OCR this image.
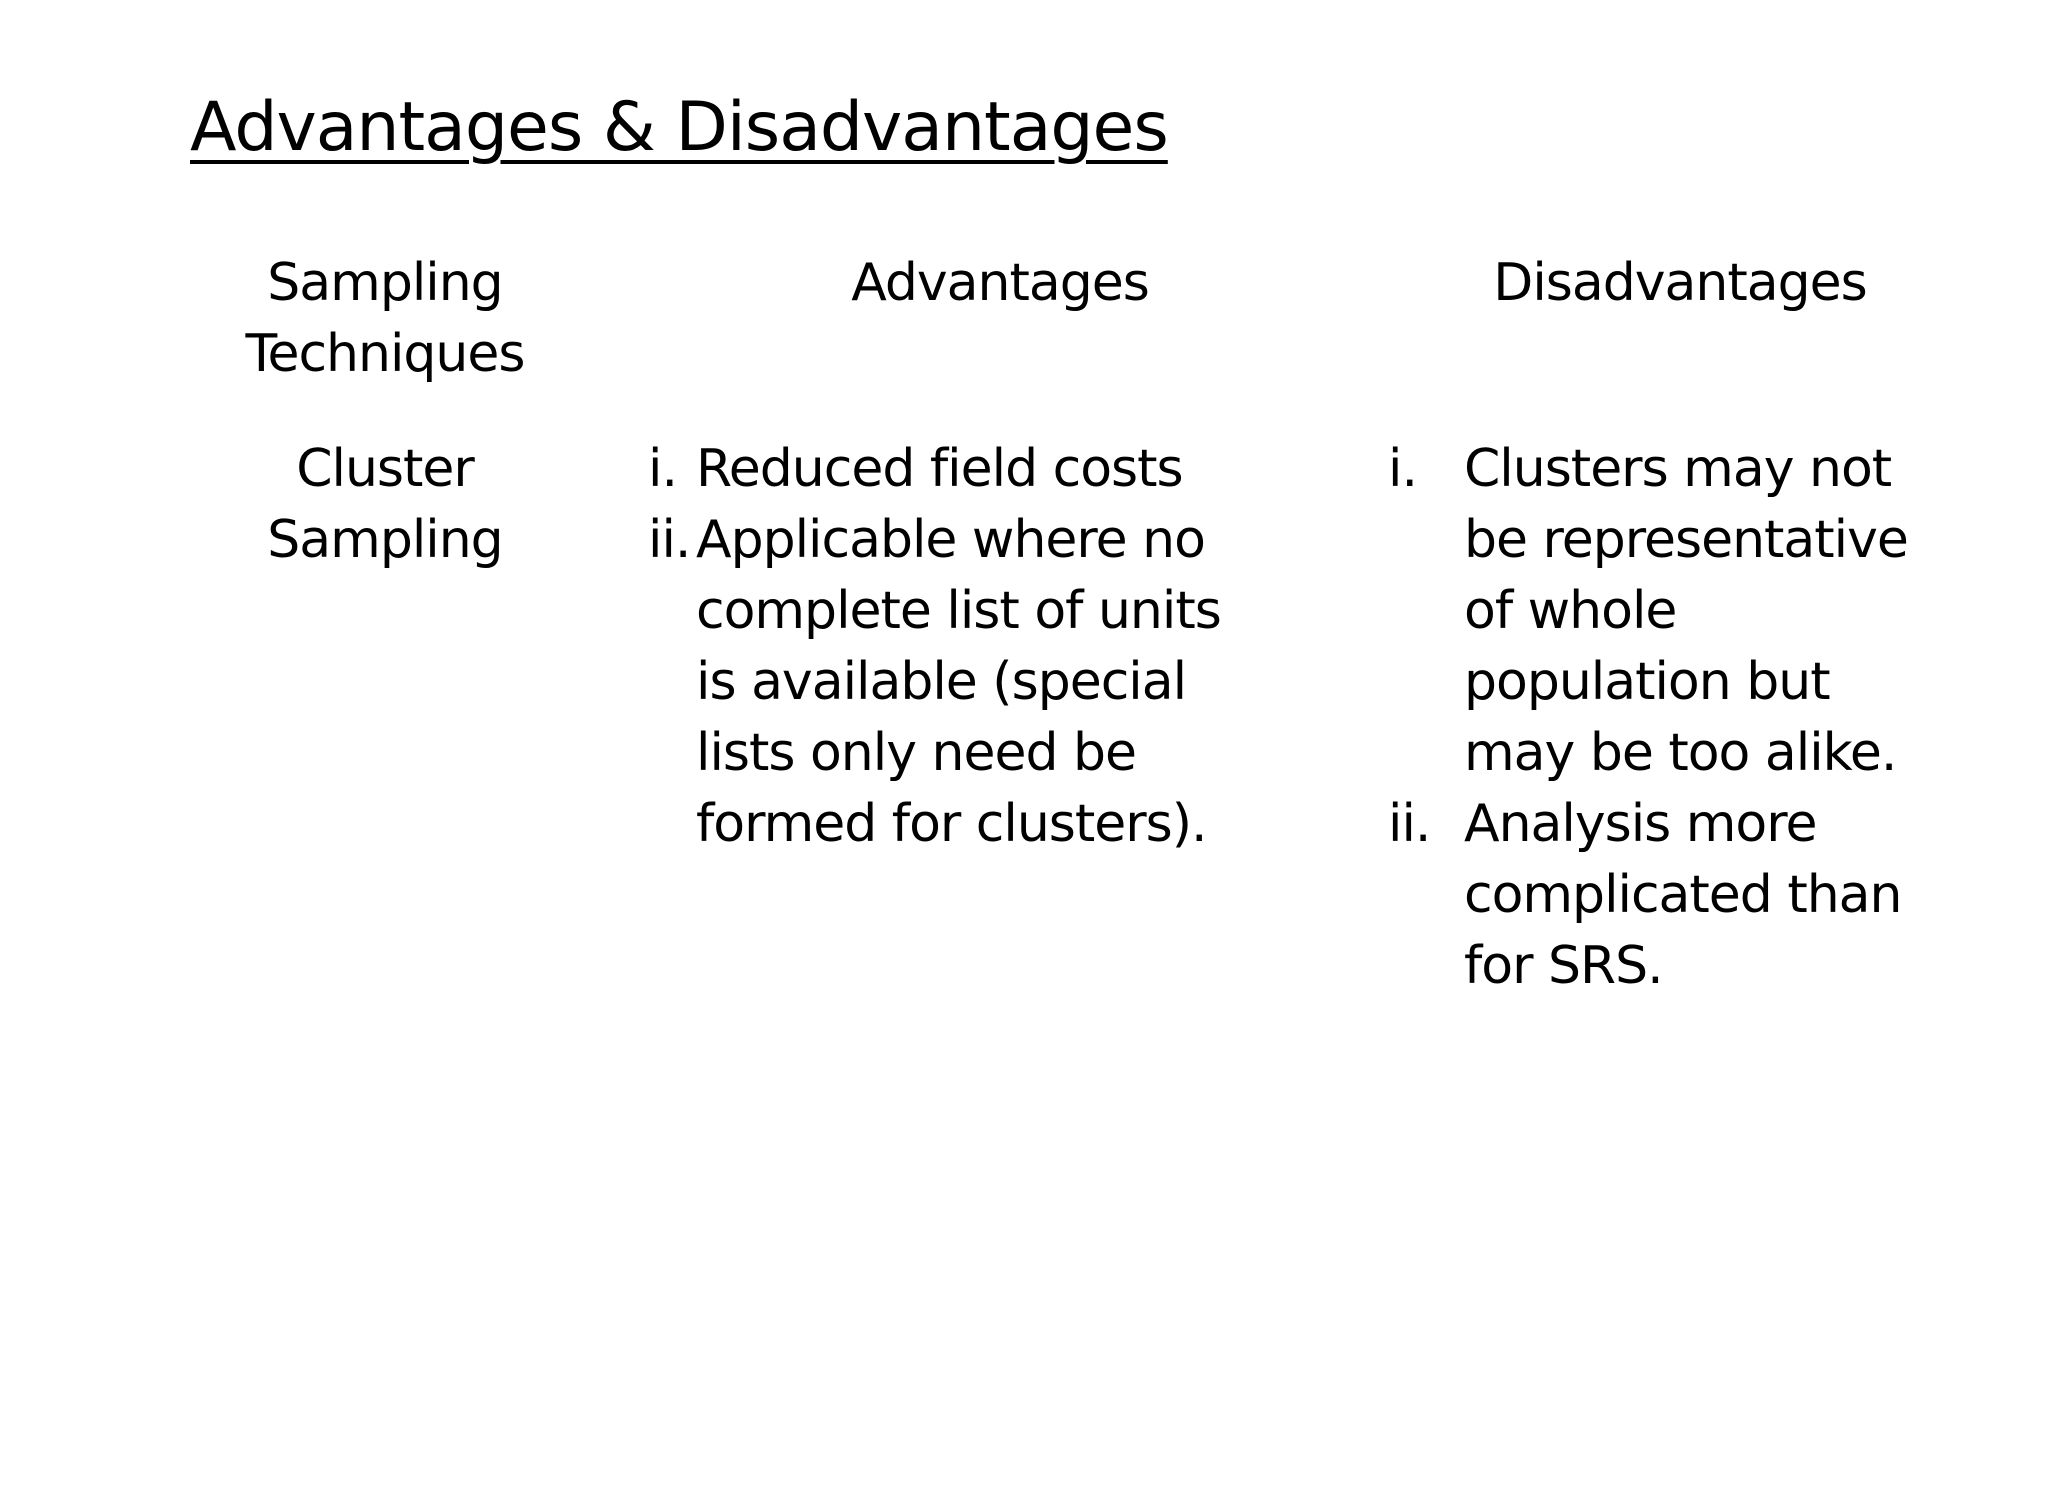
Advantages & Disadvantages
Sampling
Techniques
Advantages	Disadvantages
Cluster
Sampling
i. Reduced field costs
ii. Applicable where no
complete list of units
is available (special
lists only need be
formed for clusters).
i. Clusters may not
be representative
of whole
population but
may be too alike.
ii. Analysis more
complicated than
for SRS.
